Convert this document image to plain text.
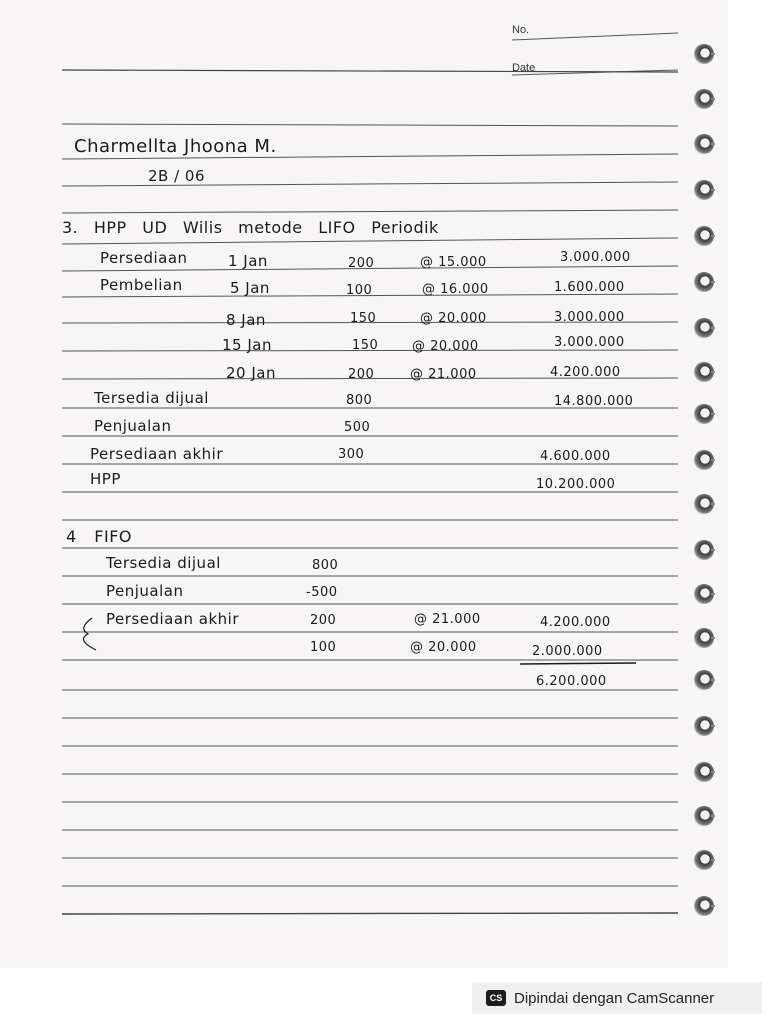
No.
Date
Charmellta Jhoona M.
2B / 06
3. HPP UD Wilis metode LIFO Periodik
Persediaan	1 Jan	200	@ 15.000	3.000.000
Pembelian	5 Jan	100	@ 16.000	1.600.000
8 Jan	150	@ 20.000	3.000.000
15 Jan	150	@ 20.000	3.000.000
20 Jan	200	@ 21.000	4.200.000
Tersedia dijual	800	14.800.000
Penjualan	500
Persediaan akhir	300	4.600.000
HPP	10.200.000
4 FIFO
Tersedia dijual	800
Penjualan	-500
Persediaan akhir	200	@ 21.000	4.200.000
100	@ 20.000	2.000.000
6.200.000
CS Dipindai dengan CamScanner
